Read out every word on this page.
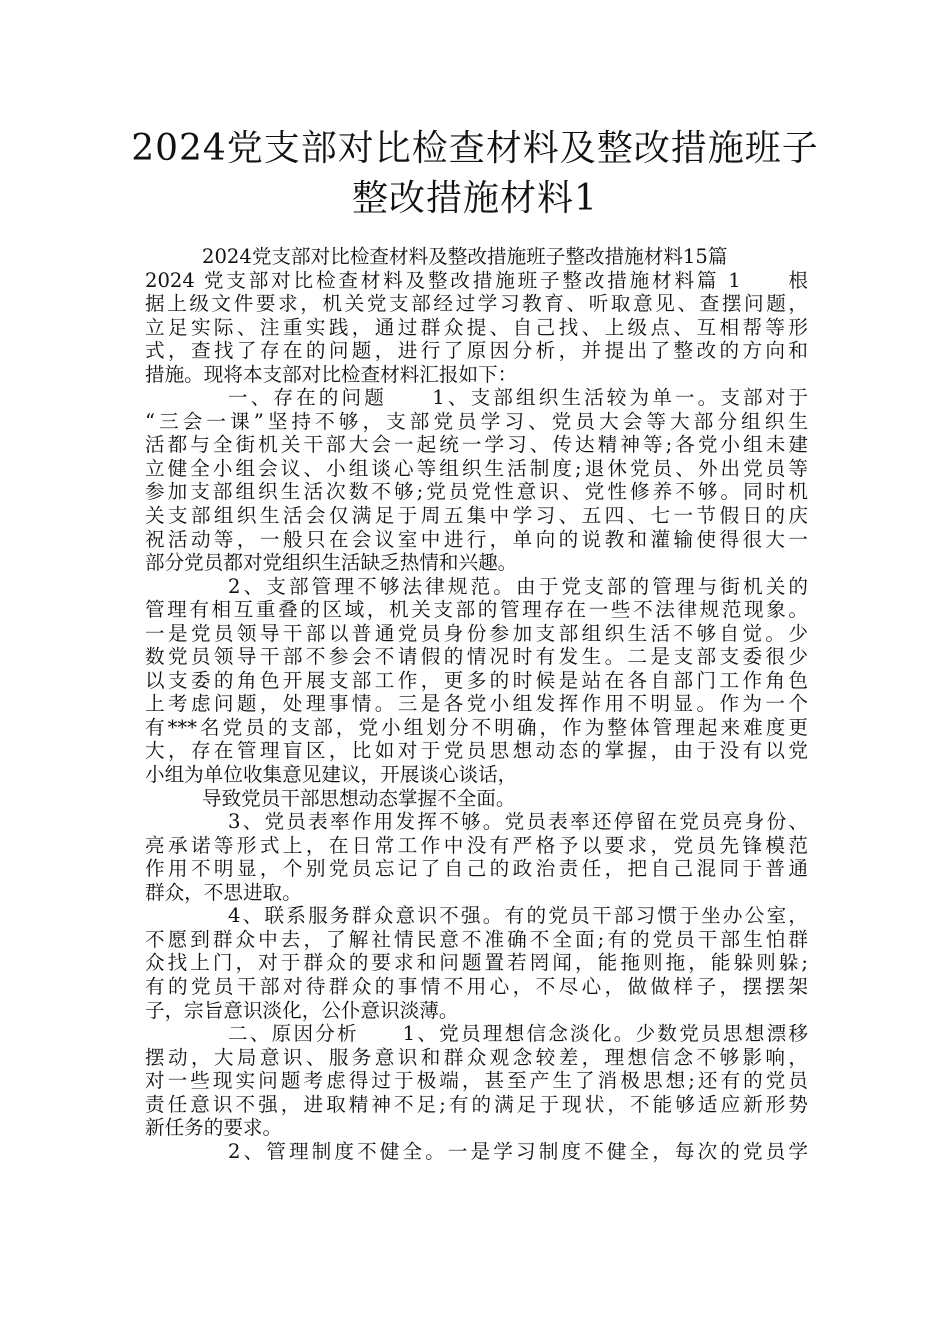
2024党支部对比检查材料及整改措施班子
整改措施材料1
2024党支部对比检查材料及整改措施班子整改措施材料15篇
2024 党支部对比检查材料及整改措施班子整改措施材料篇 1　　根
据上级文件要求，机关党支部经过学习教育、听取意见、查摆问题，
立足实际、注重实践，通过群众提、自己找、上级点、互相帮等形
式，查找了存在的问题，进行了原因分析，并提出了整改的方向和
措施。现将本支部对比检查材料汇报如下：
一、存在的问题　　1、支部组织生活较为单一。支部对于
“三会一课”坚持不够，支部党员学习、党员大会等大部分组织生
活都与全街机关干部大会一起统一学习、传达精神等;各党小组未建
立健全小组会议、小组谈心等组织生活制度;退休党员、外出党员等
参加支部组织生活次数不够;党员党性意识、党性修养不够。同时机
关支部组织生活会仅满足于周五集中学习、五四、七一节假日的庆
祝活动等，一般只在会议室中进行，单向的说教和灌输使得很大一
部分党员都对党组织生活缺乏热情和兴趣。
2、支部管理不够法律规范。由于党支部的管理与街机关的
管理有相互重叠的区域，机关支部的管理存在一些不法律规范现象。
一是党员领导干部以普通党员身份参加支部组织生活不够自觉。少
数党员领导干部不参会不请假的情况时有发生。二是支部支委很少
以支委的角色开展支部工作，更多的时候是站在各自部门工作角色
上考虑问题，处理事情。三是各党小组发挥作用不明显。作为一个
有***名党员的支部，党小组划分不明确，作为整体管理起来难度更
大，存在管理盲区，比如对于党员思想动态的掌握，由于没有以党
小组为单位收集意见建议，开展谈心谈话，
导致党员干部思想动态掌握不全面。
3、党员表率作用发挥不够。党员表率还停留在党员亮身份、
亮承诺等形式上，在日常工作中没有严格予以要求，党员先锋模范
作用不明显，个别党员忘记了自己的政治责任，把自己混同于普通
群众，不思进取。
4、联系服务群众意识不强。有的党员干部习惯于坐办公室，
不愿到群众中去，了解社情民意不准确不全面;有的党员干部生怕群
众找上门，对于群众的要求和问题置若罔闻，能拖则拖，能躲则躲;
有的党员干部对待群众的事情不用心，不尽心，做做样子，摆摆架
子，宗旨意识淡化，公仆意识淡薄。
二、原因分析　　1、党员理想信念淡化。少数党员思想漂移
摆动，大局意识、服务意识和群众观念较差，理想信念不够影响，
对一些现实问题考虑得过于极端，甚至产生了消极思想;还有的党员
责任意识不强，进取精神不足;有的满足于现状，不能够适应新形势
新任务的要求。
2、管理制度不健全。一是学习制度不健全，每次的党员学
